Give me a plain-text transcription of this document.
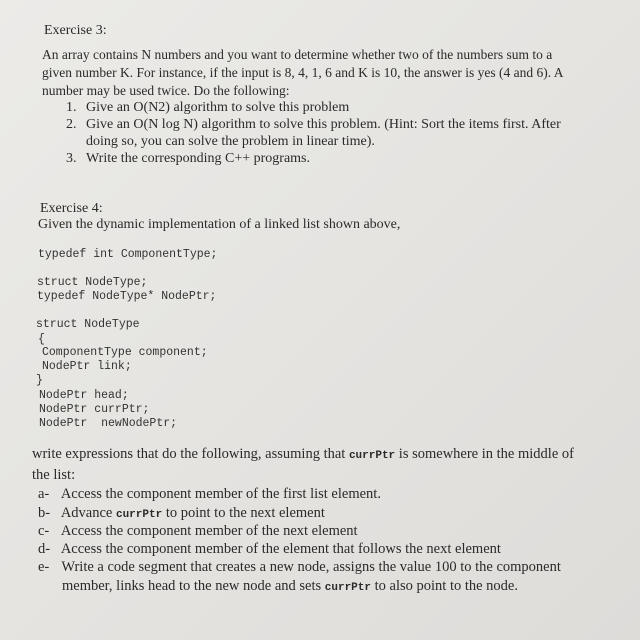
Exercise 3:
An array contains N numbers and you want to determine whether two of the numbers sum to a
given number K. For instance, if the input is 8, 4, 1, 6 and K is 10, the answer is yes (4 and 6). A
number may be used twice. Do the following:
1. Give an O(N2) algorithm to solve this problem
2. Give an O(N log N) algorithm to solve this problem. (Hint: Sort the items first. After
doing so, you can solve the problem in linear time).
3. Write the corresponding C++ programs.
Exercise 4:
Given the dynamic implementation of a linked list shown above,
typedef int ComponentType;
struct NodeType;
typedef NodeType* NodePtr;
struct NodeType
{
ComponentType component;
NodePtr link;
}
NodePtr head;
NodePtr currPtr;
NodePtr  newNodePtr;
write expressions that do the following, assuming that currPtr is somewhere in the middle of
the list:
a- Access the component member of the first list element.
b- Advance currPtr to point to the next element
c- Access the component member of the next element
d- Access the component member of the element that follows the next element
e- Write a code segment that creates a new node, assigns the value 100 to the component
member, links head to the new node and sets currPtr to also point to the node.
